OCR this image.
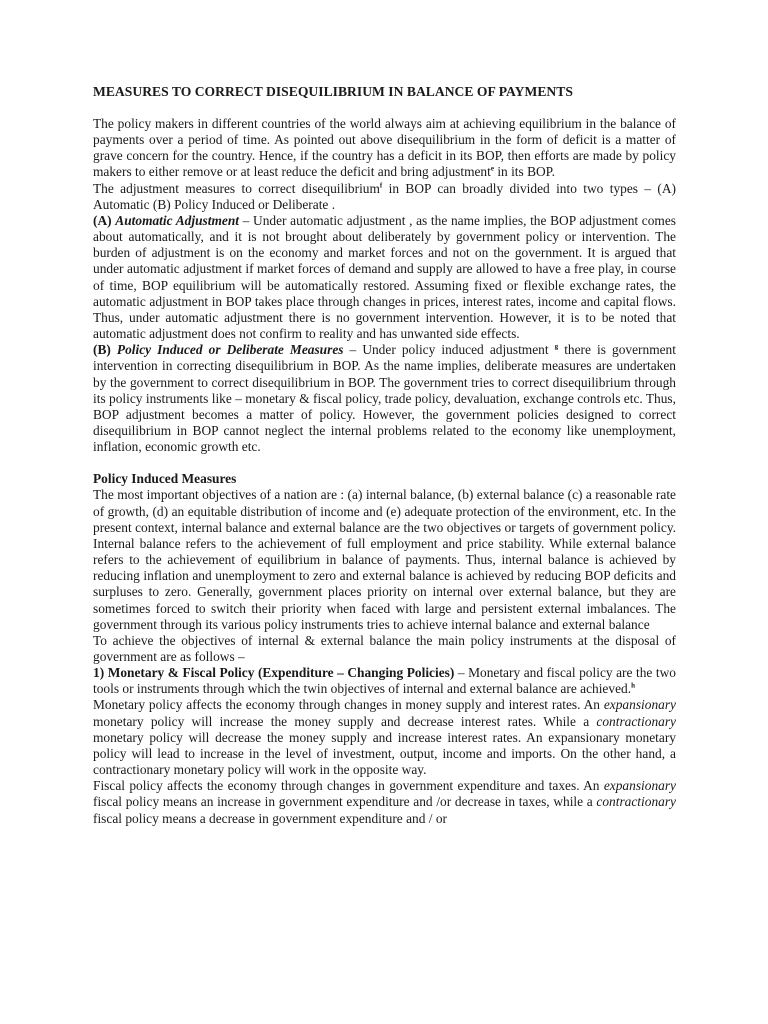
MEASURES TO CORRECT DISEQUILIBRIUM IN BALANCE OF PAYMENTS

The policy makers in different countries of the world always aim at achieving equilibrium in the balance of payments over a period of time. As pointed out above disequilibrium in the form of deficit is a matter of grave concern for the country. Hence, if the country has a deficit in its BOP, then efforts are made by policy makers to either remove or at least reduce the deficit and bring adjustment$^e$ in its BOP.

The adjustment measures to correct disequilibrium$^f$ in BOP can broadly divided into two types – (A) Automatic (B) Policy Induced or Deliberate .

(A) Automatic Adjustment – Under automatic adjustment , as the name implies, the BOP adjustment comes about automatically, and it is not brought about deliberately by government policy or intervention. The burden of adjustment is on the economy and market forces and not on the government. It is argued that under automatic adjustment if market forces of demand and supply are allowed to have a free play, in course of time, BOP equilibrium will be automatically restored. Assuming fixed or flexible exchange rates, the automatic adjustment in BOP takes place through changes in prices, interest rates, income and capital flows. Thus, under automatic adjustment there is no government intervention. However, it is to be noted that automatic adjustment does not confirm to reality and has unwanted side effects.

(B) Policy Induced or Deliberate Measures – Under policy induced adjustment $^g$ there is government intervention in correcting disequilibrium in BOP. As the name implies, deliberate measures are undertaken by the government to correct disequilibrium in BOP. The government tries to correct disequilibrium through its policy instruments like – monetary & fiscal policy, trade policy, devaluation, exchange controls etc. Thus, BOP adjustment becomes a matter of policy. However, the government policies designed to correct disequilibrium in BOP cannot neglect the internal problems related to the economy like unemployment, inflation, economic growth etc.

Policy Induced Measures

The most important objectives of a nation are : (a) internal balance, (b) external balance (c) a reasonable rate of growth, (d) an equitable distribution of income and (e) adequate protection of the environment, etc. In the present context, internal balance and external balance are the two objectives or targets of government policy. Internal balance refers to the achievement of full employment and price stability. While external balance refers to the achievement of equilibrium in balance of payments. Thus, internal balance is achieved by reducing inflation and unemployment to zero and external balance is achieved by reducing BOP deficits and surpluses to zero. Generally, government places priority on internal over external balance, but they are sometimes forced to switch their priority when faced with large and persistent external imbalances. The government through its various policy instruments tries to achieve internal balance and external balance

To achieve the objectives of internal & external balance the main policy instruments at the disposal of government are as follows –

1) Monetary & Fiscal Policy (Expenditure – Changing Policies) – Monetary and fiscal policy are the two tools or instruments through which the twin objectives of internal and external balance are achieved.$^h$

Monetary policy affects the economy through changes in money supply and interest rates. An expansionary monetary policy will increase the money supply and decrease interest rates. While a contractionary monetary policy will decrease the money supply and increase interest rates. An expansionary monetary policy will lead to increase in the level of investment, output, income and imports. On the other hand, a contractionary monetary policy will work in the opposite way.

Fiscal policy affects the economy through changes in government expenditure and taxes. An expansionary fiscal policy means an increase in government expenditure and /or decrease in taxes, while a contractionary fiscal policy means a decrease in government expenditure and / or
